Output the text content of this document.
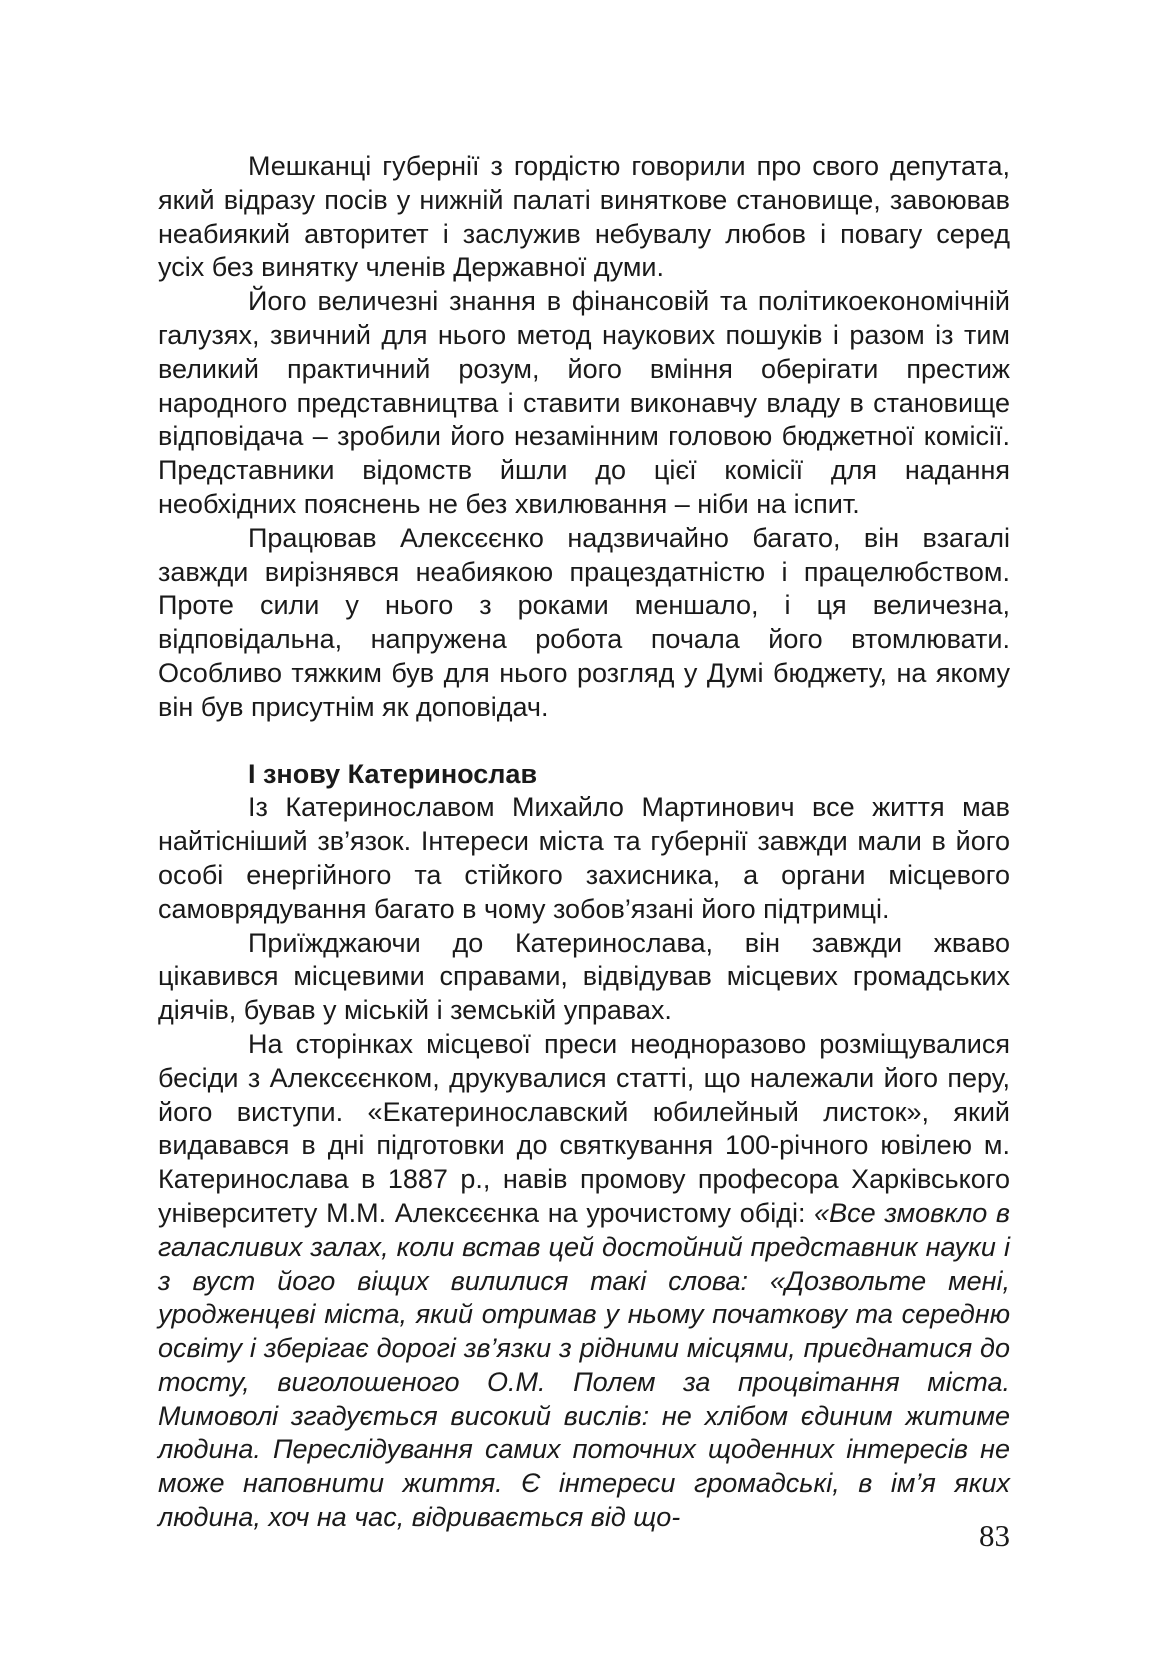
Мешканці губернії з гордістю говорили про свого депутата, який відразу посів у нижній палаті виняткове становище, завоював неабиякий авторитет і заслужив небувалу любов і повагу серед усіх без винятку членів Державної думи.

Його величезні знання в фінансовій та політикоекономічній галузях, звичний для нього метод наукових пошуків і разом із тим великий практичний розум, його вміння оберігати престиж народного представництва і ставити виконавчу владу в становище відповідача – зробили його незамінним головою бюджетної комісії. Представники відомств йшли до цієї комісії для надання необхідних пояснень не без хвилювання – ніби на іспит.

Працював Алексєєнко надзвичайно багато, він взагалі завжди вирізнявся неабиякою працездатністю і працелюбством. Проте сили у нього з роками меншало, і ця величезна, відповідальна, напружена робота почала його втомлювати. Особливо тяжким був для нього розгляд у Думі бюджету, на якому він був присутнім як доповідач.

І знову Катеринослав

Із Катеринославом Михайло Мартинович все життя мав найтісніший зв’язок. Інтереси міста та губернії завжди мали в його особі енергійного та стійкого захисника, а органи місцевого самоврядування багато в чому зобов’язані його підтримці.

Приїжджаючи до Катеринослава, він завжди жваво цікавився місцевими справами, відвідував місцевих громадських діячів, бував у міській і земській управах.

На сторінках місцевої преси неодноразово розміщувалися бесіди з Алексєєнком, друкувалися статті, що належали його перу, його виступи. «Екатеринославский юбилейный листок», який видавався в дні підготовки до святкування 100-річного ювілею м. Катеринослава в 1887 р., навів промову професора Харківського університету М.М. Алексєєнка на урочистому обіді: «Все змовкло в галасливих залах, коли встав цей достойний представник науки і з вуст його віщих вилилися такі слова: «Дозвольте мені, уродженцеві міста, який отримав у ньому початкову та середню освіту і зберігає дорогі зв’язки з рідними місцями, приєднатися до тосту, виголошеного О.М. Полем за процвітання міста. Мимоволі згадується високий вислів: не хлібом єдиним житиме людина. Переслідування самих поточних щоденних інтересів не може наповнити життя. Є інтереси громадські, в ім’я яких людина, хоч на час, відривається від що-

83
